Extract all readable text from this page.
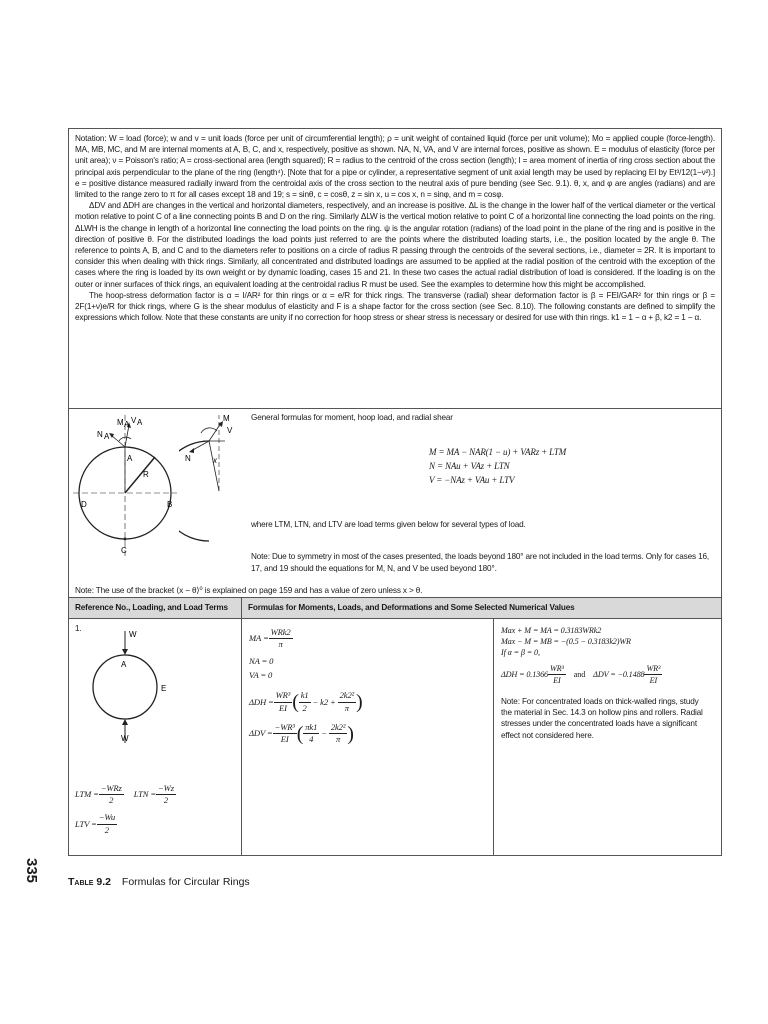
Notation: W = load (force); w and v = unit loads (force per unit of circumferential length); ρ = unit weight of contained liquid (force per unit volume); Mo = applied couple (force-length). MA, MB, MC, and M are internal moments at A, B, C, and x, respectively, positive as shown. NA, N, VA, and V are internal forces, positive as shown. E = modulus of elasticity (force per unit area); ν = Poisson's ratio; A = cross-sectional area (length squared); R = radius to the centroid of the cross section (length); I = area moment of inertia of ring cross section about the principal axis perpendicular to the plane of the ring (length⁴). [Note that for a pipe or cylinder, a representative segment of unit axial length may be used by replacing EI by Et³/12(1−ν²).] e = positive distance measured radially inward from the centroidal axis of the cross section to the neutral axis of pure bending (see Sec. 9.1). θ, x, and φ are angles (radians) and are limited to the range zero to π for all cases except 18 and 19; s = sinθ, c = cosθ, z = sin x, u = cos x, n = sinφ, and m = cosφ.

ΔDV and ΔDH are changes in the vertical and horizontal diameters, respectively, and an increase is positive. ΔL is the change in the lower half of the vertical diameter or the vertical motion relative to point C of a line connecting points B and D on the ring. Similarly ΔLW is the vertical motion relative to point C of a horizontal line connecting the load points on the ring. ΔLWH is the change in length of a horizontal line connecting the load points on the ring. ψ is the angular rotation (radians) of the load point in the plane of the ring and is positive in the direction of positive θ. For the distributed loadings the load points just referred to are the points where the distributed loading starts, i.e., the position located by the angle θ. The reference to points A, B, and C and to the diameters refer to positions on a circle of radius R passing through the centroids of the several sections, i.e., diameter = 2R. It is important to consider this when dealing with thick rings. Similarly, all concentrated and distributed loadings are assumed to be applied at the radial position of the centroid with the exception of the cases where the ring is loaded by its own weight or by dynamic loading, cases 15 and 21. In these two cases the actual radial distribution of load is considered. If the loading is on the outer or inner surfaces of thick rings, an equivalent loading at the centroidal radius R must be used. See the examples to determine how this might be accomplished.

The hoop-stress deformation factor is α = I/AR² for thin rings or α = e/R for thick rings. The transverse (radial) shear deformation factor is β = FEI/GAR² for thin rings or β = 2F(1+ν)e/R for thick rings, where G is the shear modulus of elasticity and F is a shape factor for the cross section (see Sec. 8.10). The following constants are defined to simplify the expressions which follow. Note that these constants are unity if no correction for hoop stress or shear stress is necessary or desired for use with thin rings. k1 = 1 − α + β, k2 = 1 − α.

N A
V A
M A
A
R
D	B
C
M
V
N	x
General formulas for moment, hoop load, and radial shear
M = MA − NAR(1 − u) + VARz + LTM
N = NAu + VAz + LTN
V = −NAz + VAu + LTV
where LTM, LTN, and LTV are load terms given below for several types of load.
Note: Due to symmetry in most of the cases presented, the loads beyond 180° are not included in the load terms. Only for cases 16, 17, and 19 should the equations for M, N, and V be used beyond 180°.
Note: The use of the bracket ⟨x − θ⟩⁰ is explained on page 159 and has a value of zero unless x > θ.
Reference No., Loading, and Load Terms	Formulas for Moments, Loads, and Deformations and Some Selected Numerical Values
1.
W
A
E
W
LTM = $\frac{\text{−WRz}}{2}$ LTN = $\frac{-Wz}{2}$
LTV = $\frac{-Wu}{2}$
MA = $\frac{\text{WRk2}}{\pi}$
NA = 0
VA = 0
$\Delta DH = \frac{\text{WR³}}{EI}$ ( $\frac{k1}{2} - k2 + \frac{\text{2k2²}}{\pi}$ )
$\Delta DV = \frac{\text{−WR³}}{EI}$ ( $\frac{\pi k1}{4} - \frac{\text{2k2²}}{\pi}$ )
Max + M = MA = 0.3183WRk2
Max − M = MB = −(0.5 − 0.3183k2)WR
If α = β = 0,
$\Delta DH = 0.1366 \frac{\text{WR³}}{EI}$ and $\Delta DV = -0.1488 \frac{\text{WR³}}{EI}$
Note: For concentrated loads on thick-walled rings, study the material in Sec. 14.3 on hollow pins and rollers. Radial stresses under the concentrated loads have a significant effect not considered here.
335	Table 9.2 Formulas for Circular Rings
